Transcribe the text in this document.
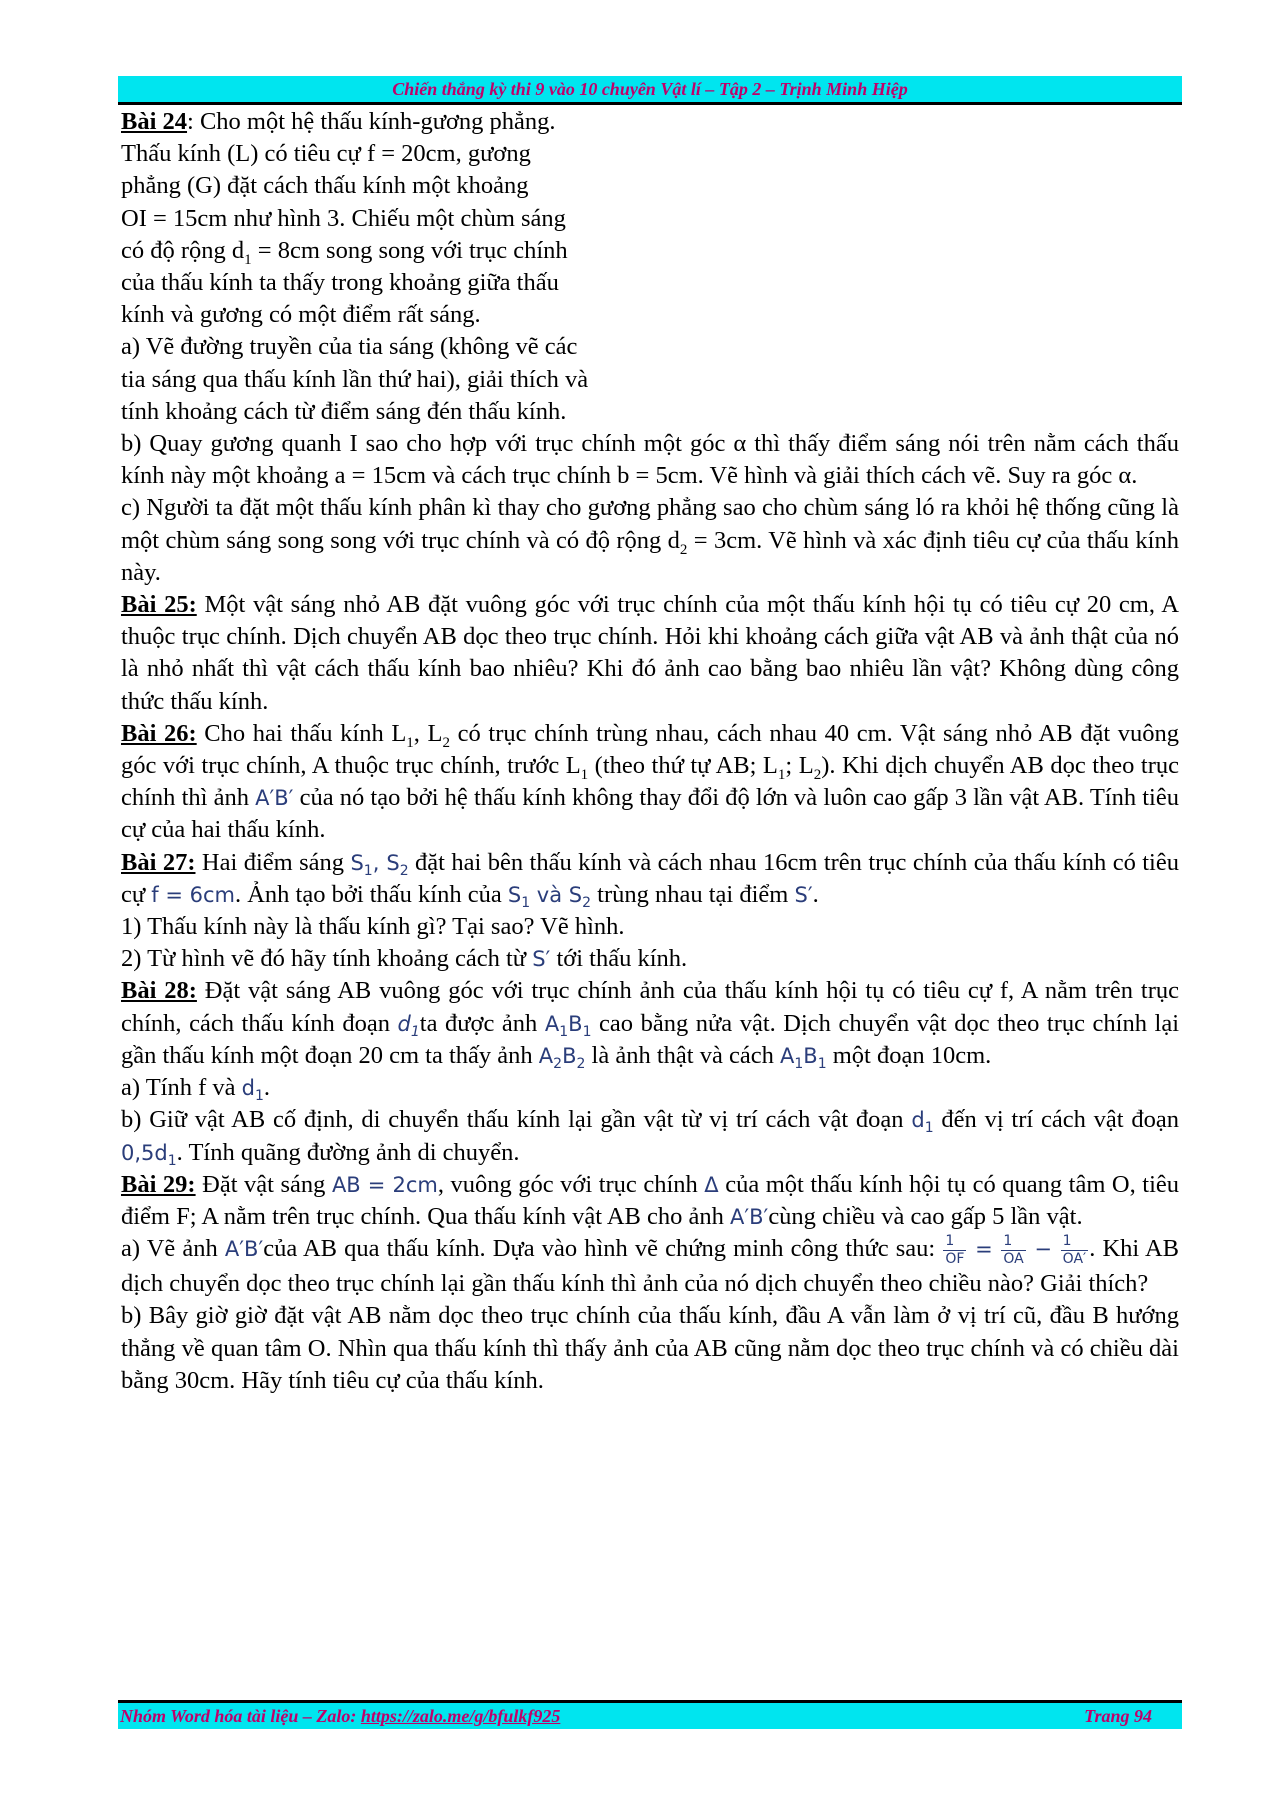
Chiến thắng kỳ thi 9 vào 10 chuyên Vật lí – Tập 2 – Trịnh Minh Hiệp

Bài 24: Cho một hệ thấu kính-gương phẳng.

Thấu kính (L) có tiêu cự f = 20cm, gương

phẳng (G) đặt cách thấu kính một khoảng

OI = 15cm như hình 3. Chiếu một chùm sáng

có độ rộng $d_1 = 8cm$ song song với trục chính

của thấu kính ta thấy trong khoảng giữa thấu

kính và gương có một điểm rất sáng.

a) Vẽ đường truyền của tia sáng (không vẽ các

tia sáng qua thấu kính lần thứ hai), giải thích và

tính khoảng cách từ điểm sáng đén thấu kính.

b) Quay gương quanh I sao cho hợp với trục chính một góc α thì thấy điểm sáng nói trên nằm cách thấu kính này một khoảng a = 15cm và cách trục chính b = 5cm. Vẽ hình và giải thích cách vẽ. Suy ra góc α.

c) Người ta đặt một thấu kính phân kì thay cho gương phẳng sao cho chùm sáng ló ra khỏi hệ thống cũng là một chùm sáng song song với trục chính và có độ rộng $d_2 = 3cm$. Vẽ hình và xác định tiêu cự của thấu kính này.

Bài 25: Một vật sáng nhỏ AB đặt vuông góc với trục chính của một thấu kính hội tụ có tiêu cự 20 cm, A thuộc trục chính. Dịch chuyển AB dọc theo trục chính. Hỏi khi khoảng cách giữa vật AB và ảnh thật của nó là nhỏ nhất thì vật cách thấu kính bao nhiêu? Khi đó ảnh cao bằng bao nhiêu lần vật? Không dùng công thức thấu kính.

Bài 26: Cho hai thấu kính $L_1$, $L_2$ có trục chính trùng nhau, cách nhau 40 cm. Vật sáng nhỏ AB đặt vuông góc với trục chính, A thuộc trục chính, trước $L_1$ (theo thứ tự AB; $L_1$; $L_2$). Khi dịch chuyển AB dọc theo trục chính thì ảnh A′B′ của nó tạo bởi hệ thấu kính không thay đổi độ lớn và luôn cao gấp 3 lần vật AB. Tính tiêu cự của hai thấu kính.

Bài 27: Hai điểm sáng $S_1$, $S_2$ đặt hai bên thấu kính và cách nhau 16cm trên trục chính của thấu kính có tiêu cự f = 6cm. Ảnh tạo bởi thấu kính của $S_1$ và $S_2$ trùng nhau tại điểm S′.

1) Thấu kính này là thấu kính gì? Tại sao? Vẽ hình.

2) Từ hình vẽ đó hãy tính khoảng cách từ S′ tới thấu kính.

Bài 28: Đặt vật sáng AB vuông góc với trục chính ảnh của thấu kính hội tụ có tiêu cự f, A nằm trên trục chính, cách thấu kính đoạn $d_1ta$ được ảnh $A_1B_1$ cao bằng nửa vật. Dịch chuyển vật dọc theo trục chính lại gần thấu kính một đoạn 20 cm ta thấy ảnh $A_2B_2$ là ảnh thật và cách $A_1B_1$ một đoạn 10cm.

a) Tính f và $d_1$.

b) Giữ vật AB cố định, di chuyển thấu kính lại gần vật từ vị trí cách vật đoạn $d_1$ đến vị trí cách vật đoạn $0,5d_1$. Tính quãng đường ảnh di chuyển.

Bài 29: Đặt vật sáng AB = 2cm, vuông góc với trục chính Δ của một thấu kính hội tụ có quang tâm O, tiêu điểm F; A nằm trên trục chính. Qua thấu kính vật AB cho ảnh A′B′cùng chiều và cao gấp 5 lần vật.

a) Vẽ ảnh A′B′của AB qua thấu kính. Dựa vào hình vẽ chứng minh công thức sau: $\frac{1}{OF} = \frac{1}{OA} - \frac{1}{OA'}$ . Khi AB dịch chuyển dọc theo trục chính lại gần thấu kính thì ảnh của nó dịch chuyển theo chiều nào? Giải thích?

b) Bây giờ giờ đặt vật AB nằm dọc theo trục chính của thấu kính, đầu A vẫn làm ở vị trí cũ, đầu B hướng thẳng về quan tâm O. Nhìn qua thấu kính thì thấy ảnh của AB cũng nằm dọc theo trục chính và có chiều dài bằng 30cm. Hãy tính tiêu cự của thấu kính.

Nhóm Word hóa tài liệu – Zalo: https://zalo.me/g/bfulkf925	Trang 94
